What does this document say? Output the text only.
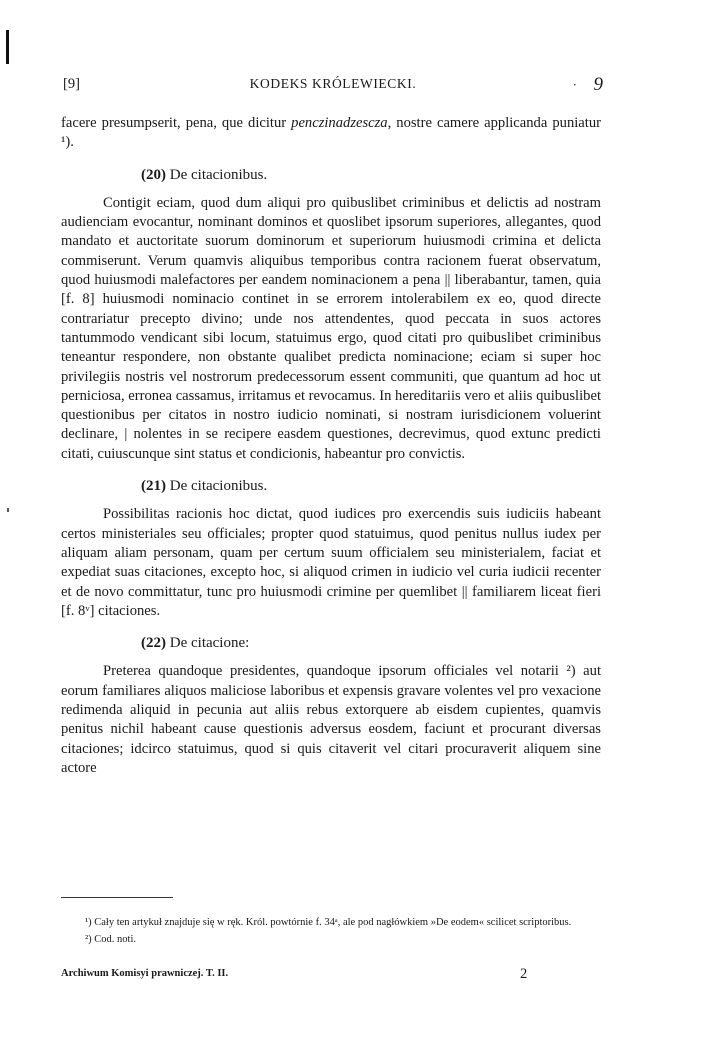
[9]	KODEKS KRÓLEWIECKI.	· 9

facere presumpserit, pena, que dicitur penczinadzescza, nostre camere applicanda puniatur ¹).

(20) De citacionibus.

Contigit eciam, quod dum aliqui pro quibuslibet criminibus et delictis ad nostram audienciam evocantur, nominant dominos et quoslibet ipsorum superiores, allegantes, quod mandato et auctoritate suorum dominorum et superiorum huiusmodi crimina et delicta commiserunt. Verum quamvis aliquibus temporibus contra racionem fuerat observatum, quod huiusmodi malefactores per eandem nominacionem a pena || liberabantur, tamen, quia [f. 8] huiusmodi nominacio continet in se errorem intolerabilem ex eo, quod directe contrariatur precepto divino; unde nos attendentes, quod peccata in suos actores tantummodo vendicant sibi locum, statuimus ergo, quod citati pro quibuslibet criminibus teneantur respondere, non obstante qualibet predicta nominacione; eciam si super hoc privilegiis nostris vel nostrorum predecessorum essent communiti, que quantum ad hoc ut perniciosa, erronea cassamus, irritamus et revocamus. In hereditariis vero et aliis quibuslibet questionibus per citatos in nostro iudicio nominati, si nostram iurisdicionem voluerint declinare, | nolentes in se recipere easdem questiones, decrevimus, quod extunc predicti citati, cuiuscunque sint status et condicionis, habeantur pro convictis.

(21) De citacionibus.

Possibilitas racionis hoc dictat, quod iudices pro exercendis suis iudiciis habeant certos ministeriales seu officiales; propter quod statuimus, quod penitus nullus iudex per aliquam aliam personam, quam per certum suum officialem seu ministerialem, faciat et expediat suas citaciones, excepto hoc, si aliquod crimen in iudicio vel curia iudicii recenter et de novo committatur, tunc pro huiusmodi crimine per quemlibet || familiarem liceat fieri [f. 8ᵛ] citaciones.

(22) De citacione:

Preterea quandoque presidentes, quandoque ipsorum officiales vel notarii ²) aut eorum familiares aliquos maliciose laboribus et expensis gravare volentes vel pro vexacione redimenda aliquid in pecunia aut aliis rebus extorquere ab eisdem cupientes, quamvis penitus nichil habeant cause questionis adversus eosdem, faciunt et procurant diversas citaciones; idcirco statuimus, quod si quis citaverit vel citari procuraverit aliquem sine actore

¹) Cały ten artykuł znajduje się w ręk. Król. powtórnie f. 34ᵃ, ale pod nagłówkiem »De eodem« scilicet scriptoribus.

²) Cod. noti.

Archiwum Komisyi prawniczej. T. II.	2
